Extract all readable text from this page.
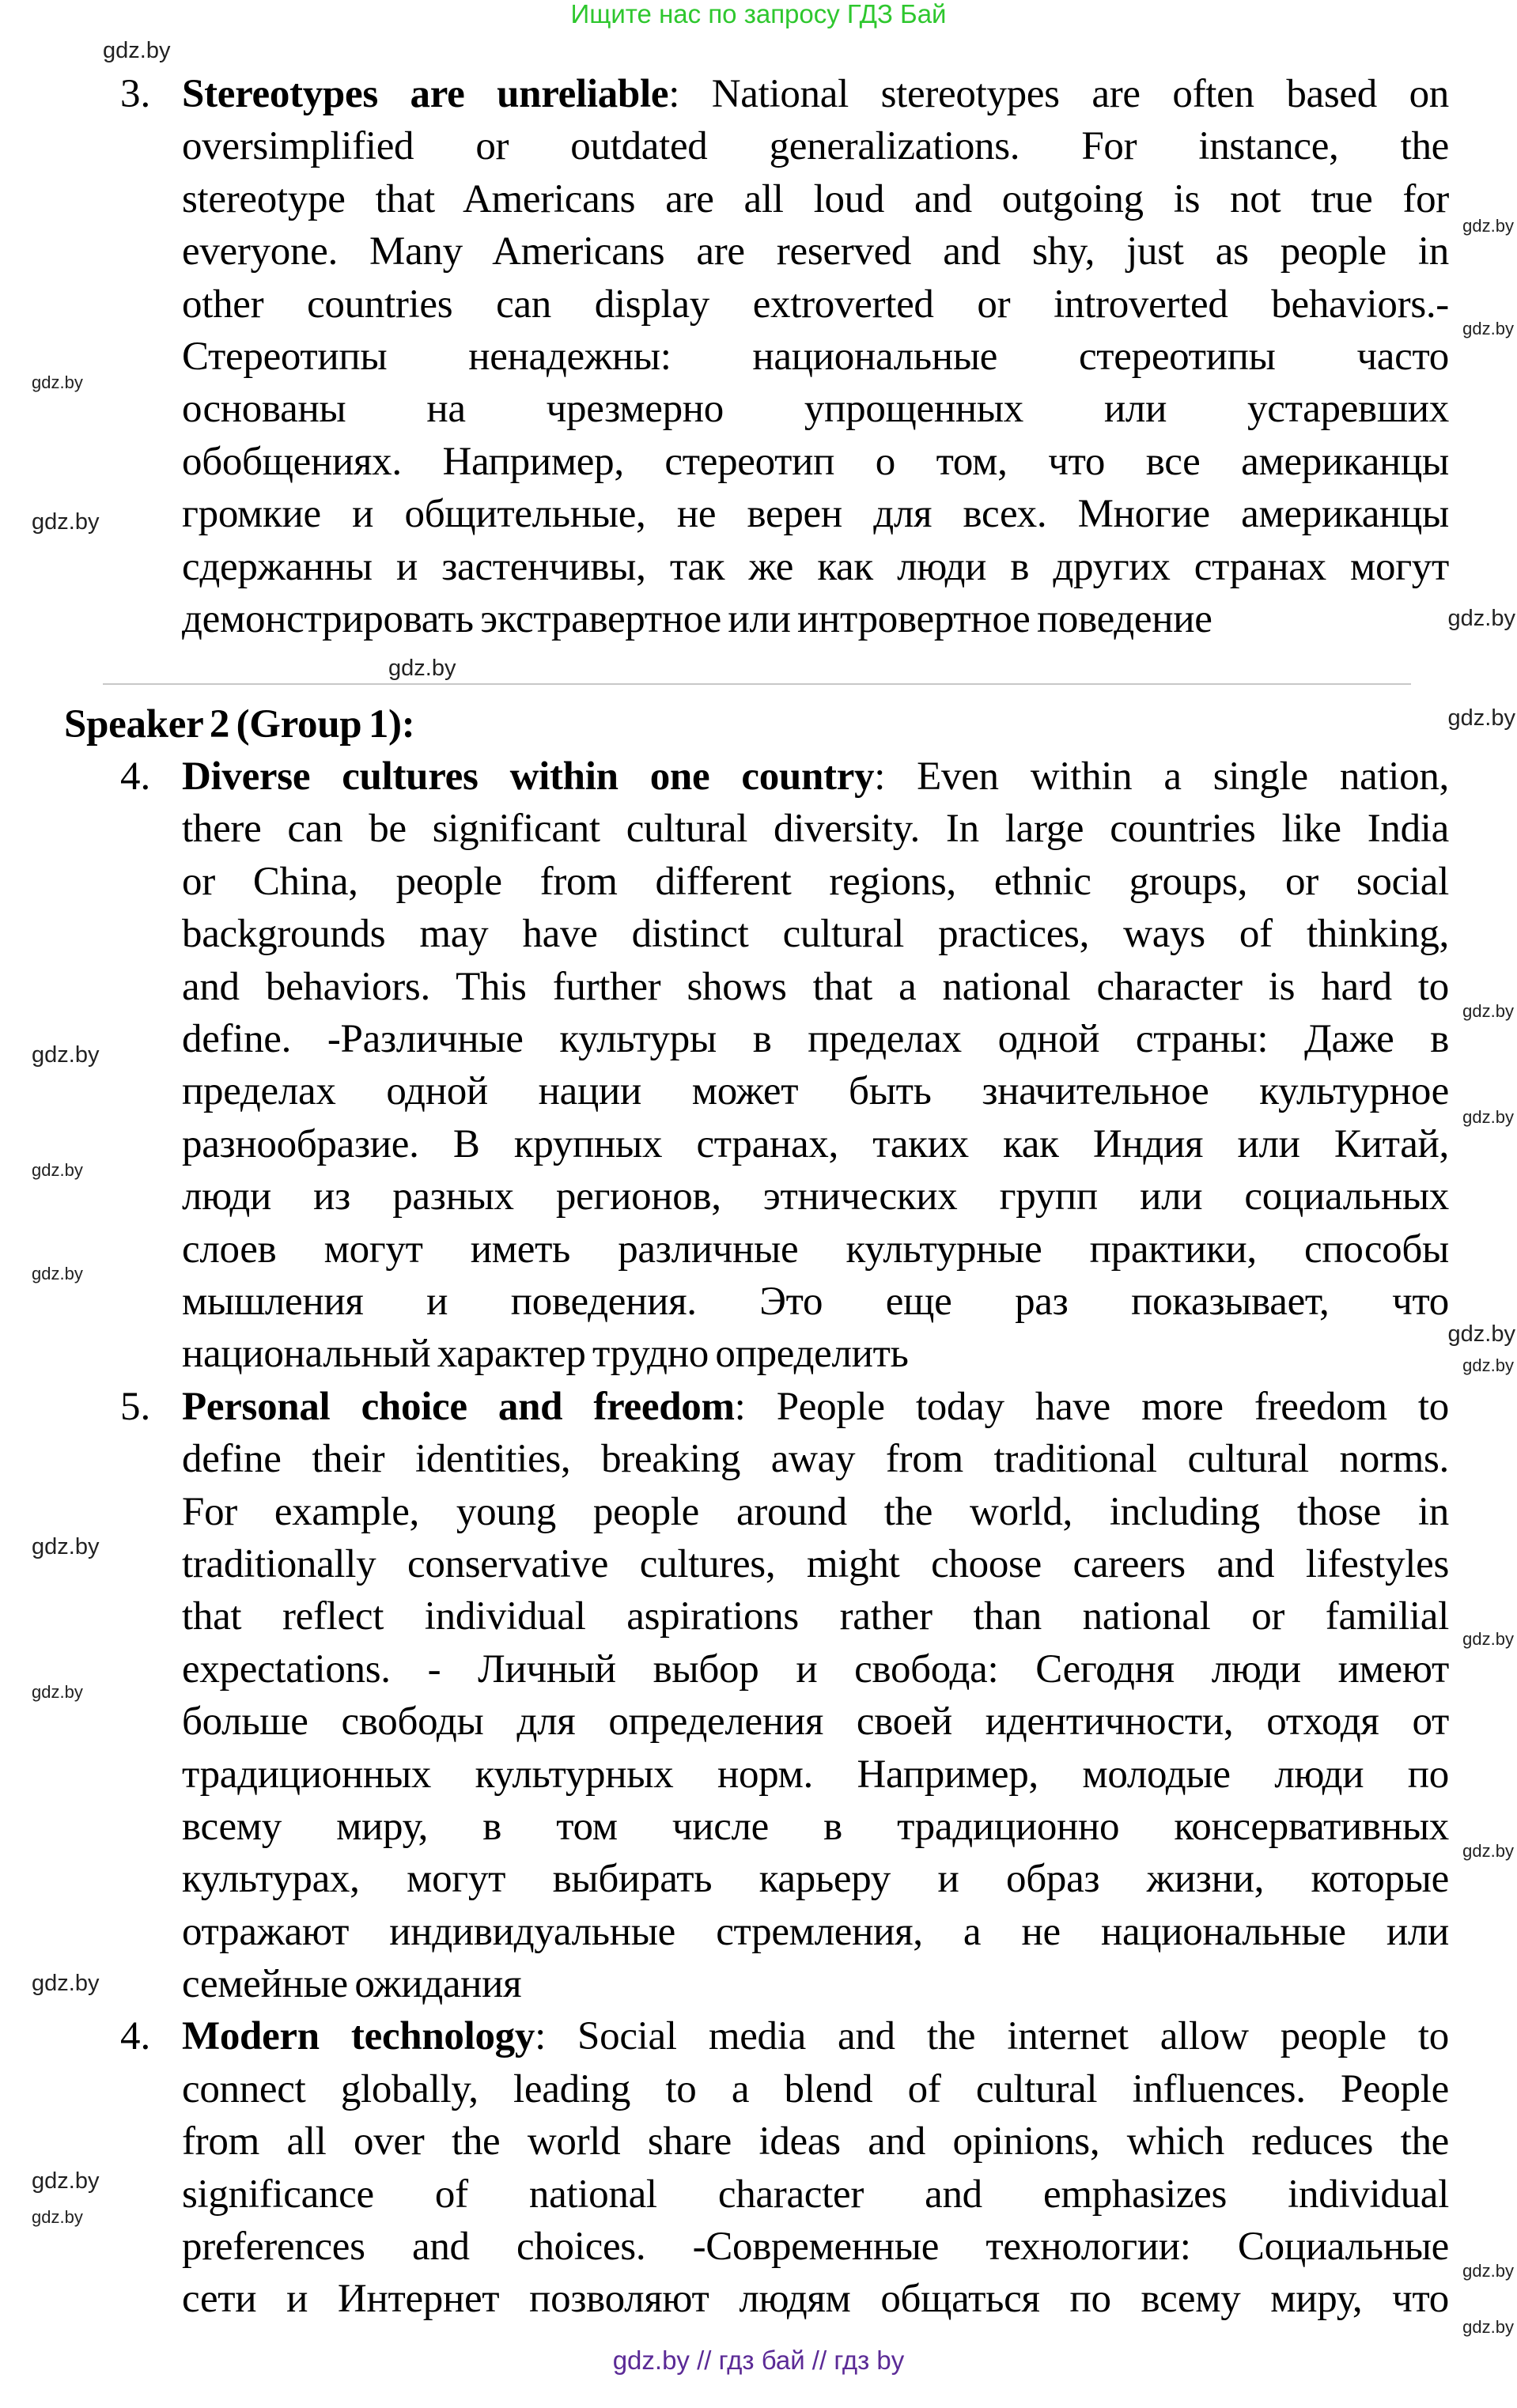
Ищите нас по запросу ГДЗ Бай
3. Stereotypes are unreliable: National stereotypes are often based on
oversimplified or outdated generalizations. For instance, the
stereotype that Americans are all loud and outgoing is not true for
everyone. Many Americans are reserved and shy, just as people in
other countries can display extroverted or introverted behaviors.-
Стереотипы ненадежны: национальные стереотипы часто
основаны на чрезмерно упрощенных или устаревших
обобщениях. Например, стереотип о том, что все американцы
громкие и общительные, не верен для всех. Многие американцы
сдержанны и застенчивы, так же как люди в других странах могут
демонстрировать экстравертное или интровертное поведение
Speaker 2 (Group 1):
4. Diverse cultures within one country: Even within a single nation,
there can be significant cultural diversity. In large countries like India
or China, people from different regions, ethnic groups, or social
backgrounds may have distinct cultural practices, ways of thinking,
and behaviors. This further shows that a national character is hard to
define. -Различные культуры в пределах одной страны: Даже в
пределах одной нации может быть значительное культурное
разнообразие. В крупных странах, таких как Индия или Китай,
люди из разных регионов, этнических групп или социальных
слоев могут иметь различные культурные практики, способы
мышления и поведения. Это еще раз показывает, что
национальный характер трудно определить
5. Personal choice and freedom: People today have more freedom to
define their identities, breaking away from traditional cultural norms.
For example, young people around the world, including those in
traditionally conservative cultures, might choose careers and lifestyles
that reflect individual aspirations rather than national or familial
expectations. - Личный выбор и свобода: Сегодня люди имеют
больше свободы для определения своей идентичности, отходя от
традиционных культурных норм. Например, молодые люди по
всему миру, в том числе в традиционно консервативных
культурах, могут выбирать карьеру и образ жизни, которые
отражают индивидуальные стремления, а не национальные или
семейные ожидания
4. Modern technology: Social media and the internet allow people to
connect globally, leading to a blend of cultural influences. People
from all over the world share ideas and opinions, which reduces the
significance of national character and emphasizes individual
preferences and choices. -Современные технологии: Социальные
сети и Интернет позволяют людям общаться по всему миру, что
gdz.by
gdz.by
gdz.by
gdz.by
gdz.by
gdz.by
gdz.by
gdz.by
gdz.by
gdz.by
gdz.by
gdz.by
gdz.by
gdz.by
gdz.by
gdz.by
gdz.by
gdz.by
gdz.by
gdz.by
gdz.by
gdz.by
gdz.by
gdz.by
gdz.by // гдз бай // гдз by
